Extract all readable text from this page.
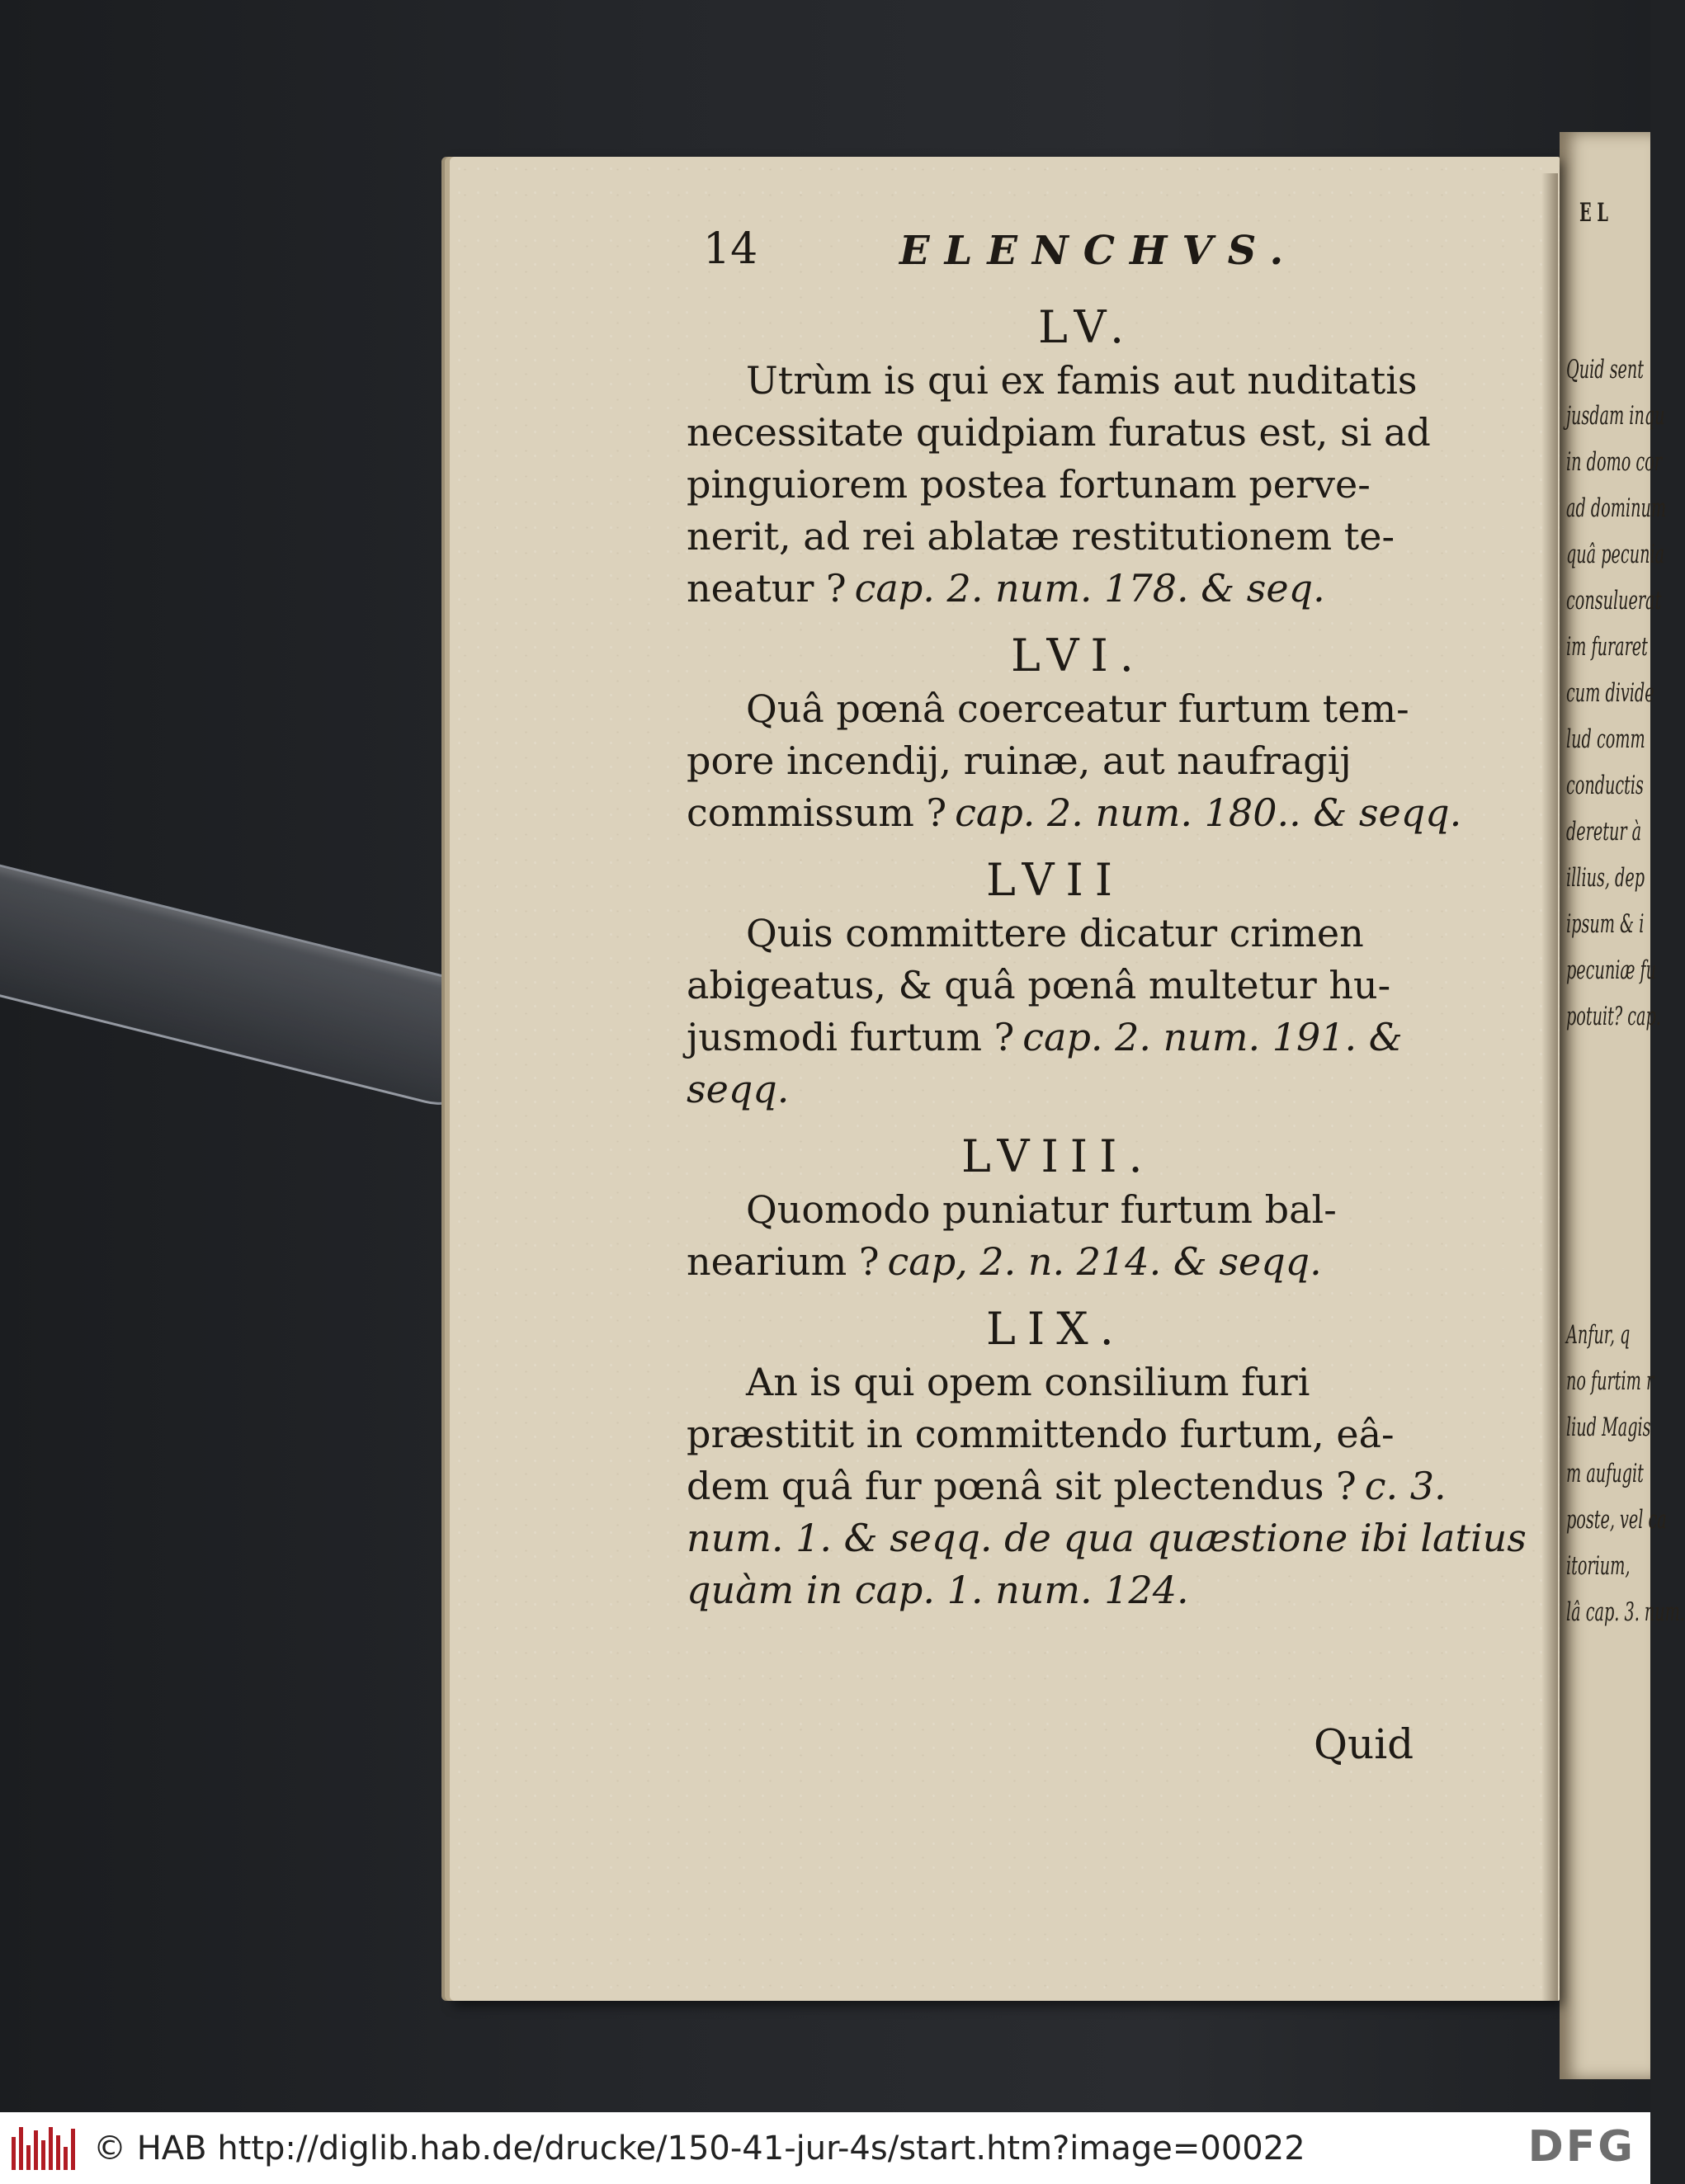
E L
Quid sent
jusdam inqu
in domo cor
ad dominum
quâ pecunia
consuluerat
im furaret
cum divide
lud comm
conductis
deretur à
illius, dep
ipsum & i
pecuniæ fu
potuit? cap.
Anfur, q
no furtim r
liud Magis
m aufugit
poste, vel ca
itorium,
lâ cap. 3. num.
14	ELENCHVS.
LV.
Utrùm is qui ex famis aut nuditatis
necessitate quidpiam furatus est, si ad
pinguiorem postea fortunam perve-
nerit, ad rei ablatæ restitutionem te-
neatur ? cap. 2. num. 178. & seq.
LVI.
Quâ pœnâ coerceatur furtum tem-
pore incendij, ruinæ, aut naufragij
commissum ? cap. 2. num. 180.. & seqq.
LVII
Quis committere dicatur crimen
abigeatus, & quâ pœnâ multetur hu-
jusmodi furtum ? cap. 2. num. 191. &
seqq.
LVIII.
Quomodo puniatur furtum bal-
nearium ? cap, 2. n. 214. & seqq.
LIX.
An is qui opem consilium furi
præstitit in committendo furtum, eâ-
dem quâ fur pœnâ sit plectendus ? c. 3.
num. 1. & seqq. de qua quæstione ibi latius
quàm in cap. 1. num. 124.
Quid
© HAB http://diglib.hab.de/drucke/150-41-jur-4s/start.htm?image=00022	DFG
